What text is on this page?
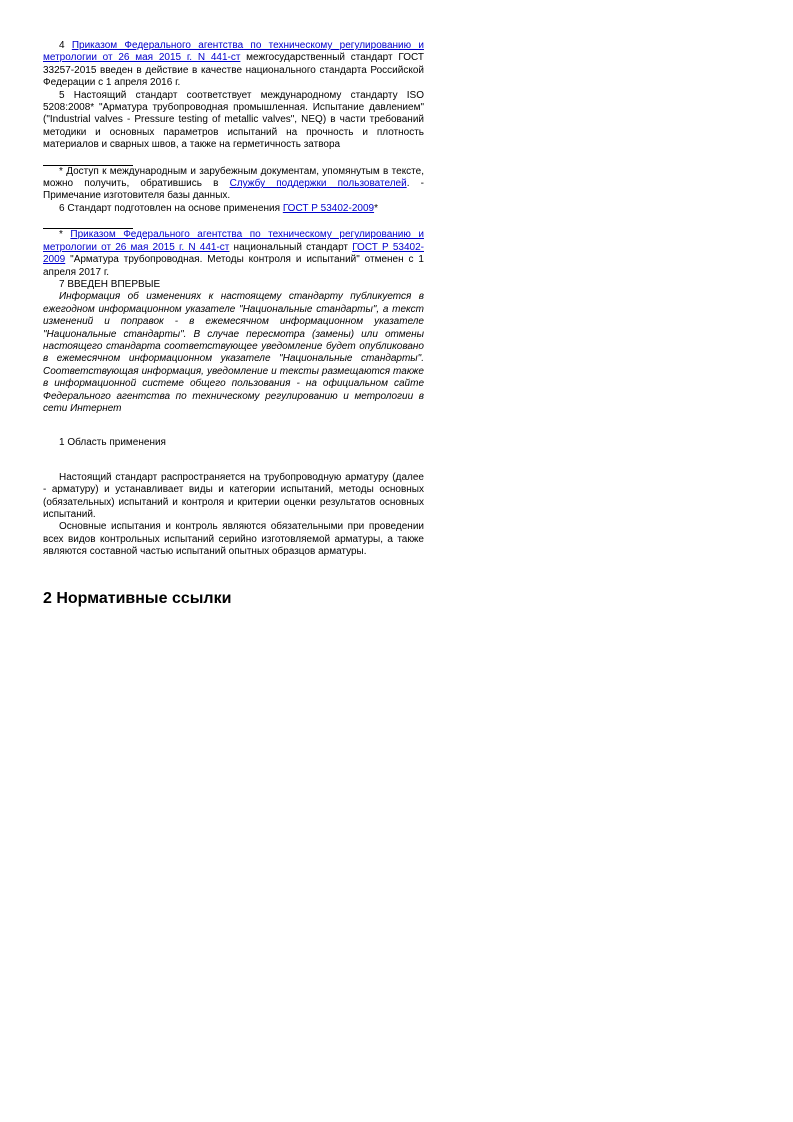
4 Приказом Федерального агентства по техническому регулированию и метрологии от 26 мая 2015 г. N 441-ст межгосударственный стандарт ГОСТ 33257-2015 введен в действие в качестве национального стандарта Российской Федерации с 1 апреля 2016 г.

5 Настоящий стандарт соответствует международному стандарту ISO 5208:2008* "Арматура трубопроводная промышленная. Испытание давлением" ("Industrial valves - Pressure testing of metallic valves", NEQ) в части требований методики и основных параметров испытаний на прочность и плотность материалов и сварных швов, а также на герметичность затвора

* Доступ к международным и зарубежным документам, упомянутым в тексте, можно получить, обратившись в Службу поддержки пользователей. - Примечание изготовителя базы данных.

6 Стандарт подготовлен на основе применения ГОСТ Р 53402-2009*

* Приказом Федерального агентства по техническому регулированию и метрологии от 26 мая 2015 г. N 441-ст национальный стандарт ГОСТ Р 53402-2009 "Арматура трубопроводная. Методы контроля и испытаний" отменен с 1 апреля 2017 г.

7 ВВЕДЕН ВПЕРВЫЕ

Информация об изменениях к настоящему стандарту публикуется в ежегодном информационном указателе "Национальные стандарты", а текст изменений и поправок - в ежемесячном информационном указателе "Национальные стандарты". В случае пересмотра (замены) или отмены настоящего стандарта соответствующее уведомление будет опубликовано в ежемесячном информационном указателе "Национальные стандарты". Соответствующая информация, уведомление и тексты размещаются также в информационной системе общего пользования - на официальном сайте Федерального агентства по техническому регулированию и метрологии в сети Интернет

1 Область применения

Настоящий стандарт распространяется на трубопроводную арматуру (далее - арматуру) и устанавливает виды и категории испытаний, методы основных (обязательных) испытаний и контроля и критерии оценки результатов основных испытаний.

Основные испытания и контроль являются обязательными при проведении всех видов контрольных испытаний серийно изготовляемой арматуры, а также являются составной частью испытаний опытных образцов арматуры.

2 Нормативные ссылки
